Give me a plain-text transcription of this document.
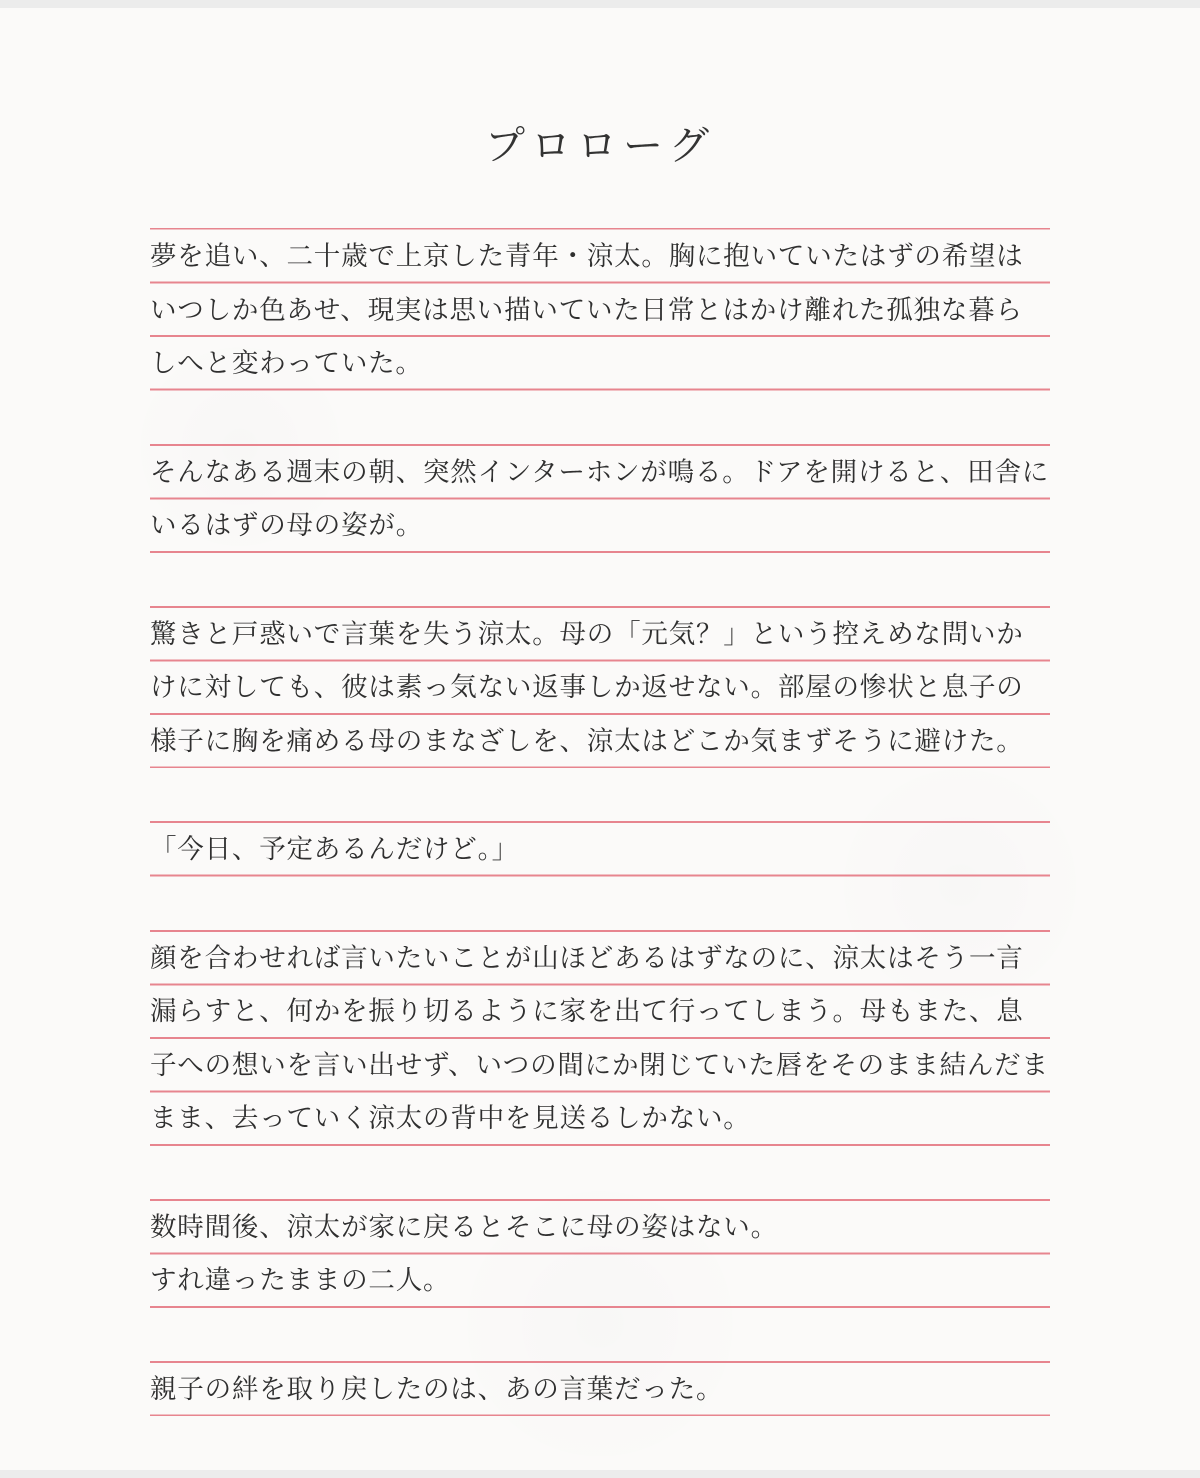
プロローグ

夢を追い、二十歳で上京した青年・涼太。胸に抱いていたはずの希望はいつしか色あせ、現実は思い描いていた日常とはかけ離れた孤独な暮らしへと変わっていた。

そんなある週末の朝、突然インターホンが鳴る。ドアを開けると、田舎にいるはずの母の姿が。

驚きと戸惑いで言葉を失う涼太。母の「元気？」という控えめな問いかけに対しても、彼は素っ気ない返事しか返せない。部屋の惨状と息子の様子に胸を痛める母のまなざしを、涼太はどこか気まずそうに避けた。

「今日、予定あるんだけど。」

顔を合わせれば言いたいことが山ほどあるはずなのに、涼太はそう一言漏らすと、何かを振り切るように家を出て行ってしまう。母もまた、息子への想いを言い出せず、いつの間にか閉じていた唇をそのまま結んだままま、去っていく涼太の背中を見送るしかない。

数時間後、涼太が家に戻るとそこに母の姿はない。
すれ違ったままの二人。

親子の絆を取り戻したのは、あの言葉だった。
